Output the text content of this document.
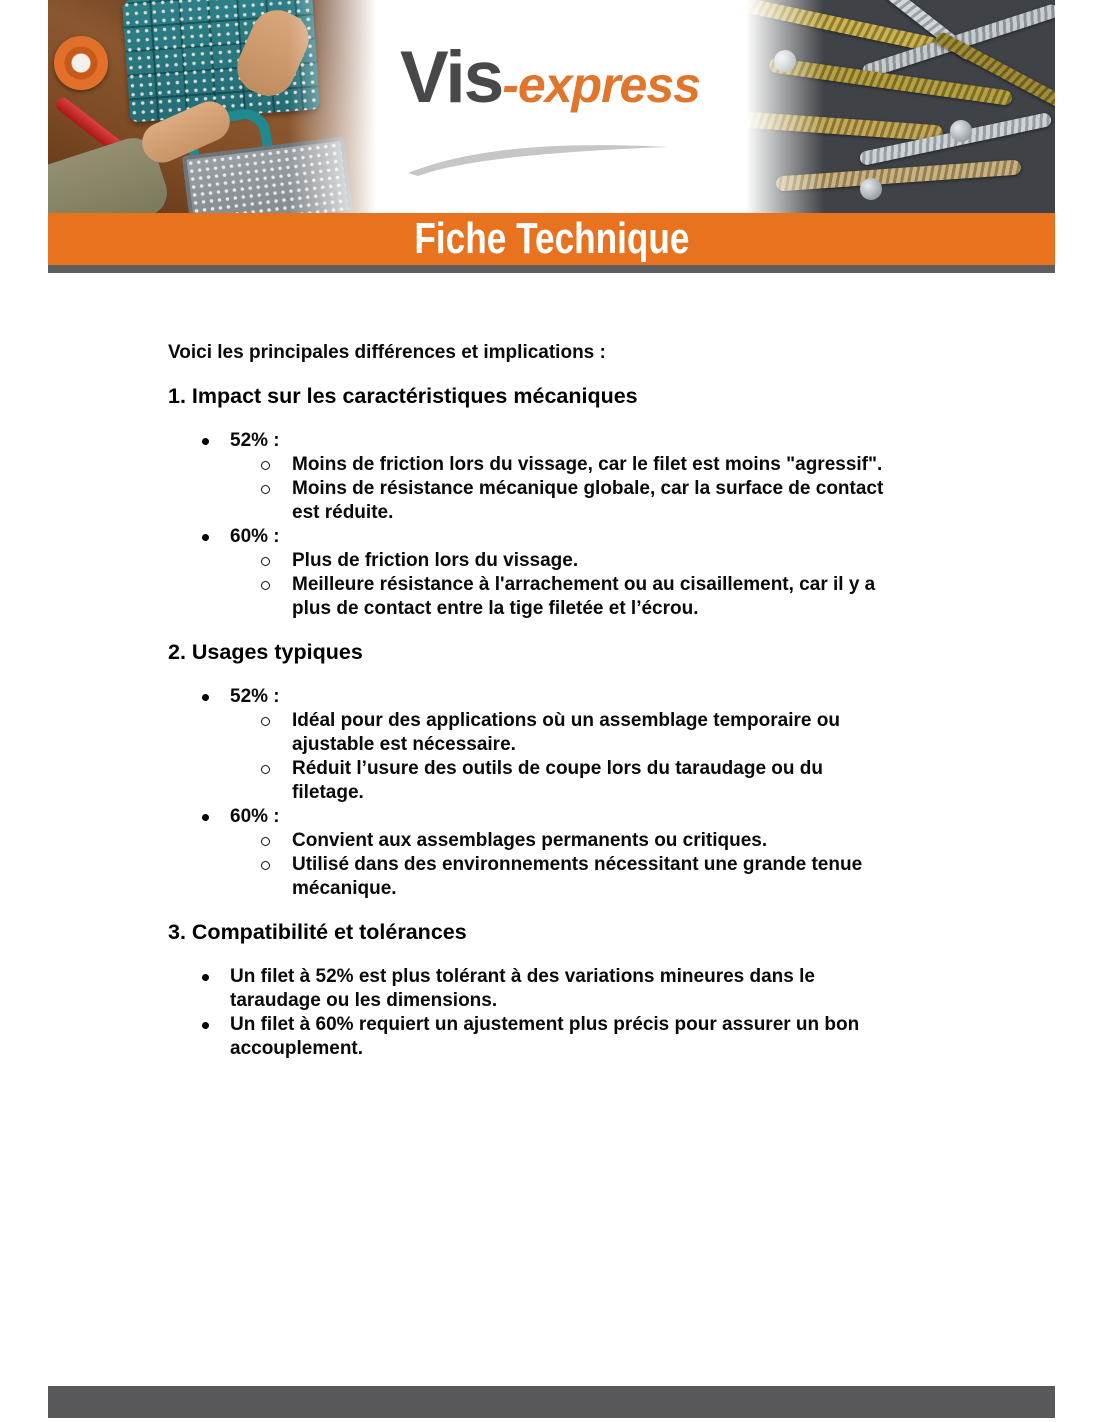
Vis-express
Fiche Technique

Voici les principales différences et implications :

1. Impact sur les caractéristiques mécaniques
52% :
Moins de friction lors du vissage, car le filet est moins "agressif".
Moins de résistance mécanique globale, car la surface de contact est réduite.
60% :
Plus de friction lors du vissage.
Meilleure résistance à l'arrachement ou au cisaillement, car il y a plus de contact entre la tige filetée et l’écrou.
2. Usages typiques
52% :
Idéal pour des applications où un assemblage temporaire ou ajustable est nécessaire.
Réduit l’usure des outils de coupe lors du taraudage ou du filetage.
60% :
Convient aux assemblages permanents ou critiques.
Utilisé dans des environnements nécessitant une grande tenue mécanique.
3. Compatibilité et tolérances
Un filet à 52% est plus tolérant à des variations mineures dans le taraudage ou les dimensions.
Un filet à 60% requiert un ajustement plus précis pour assurer un bon accouplement.
